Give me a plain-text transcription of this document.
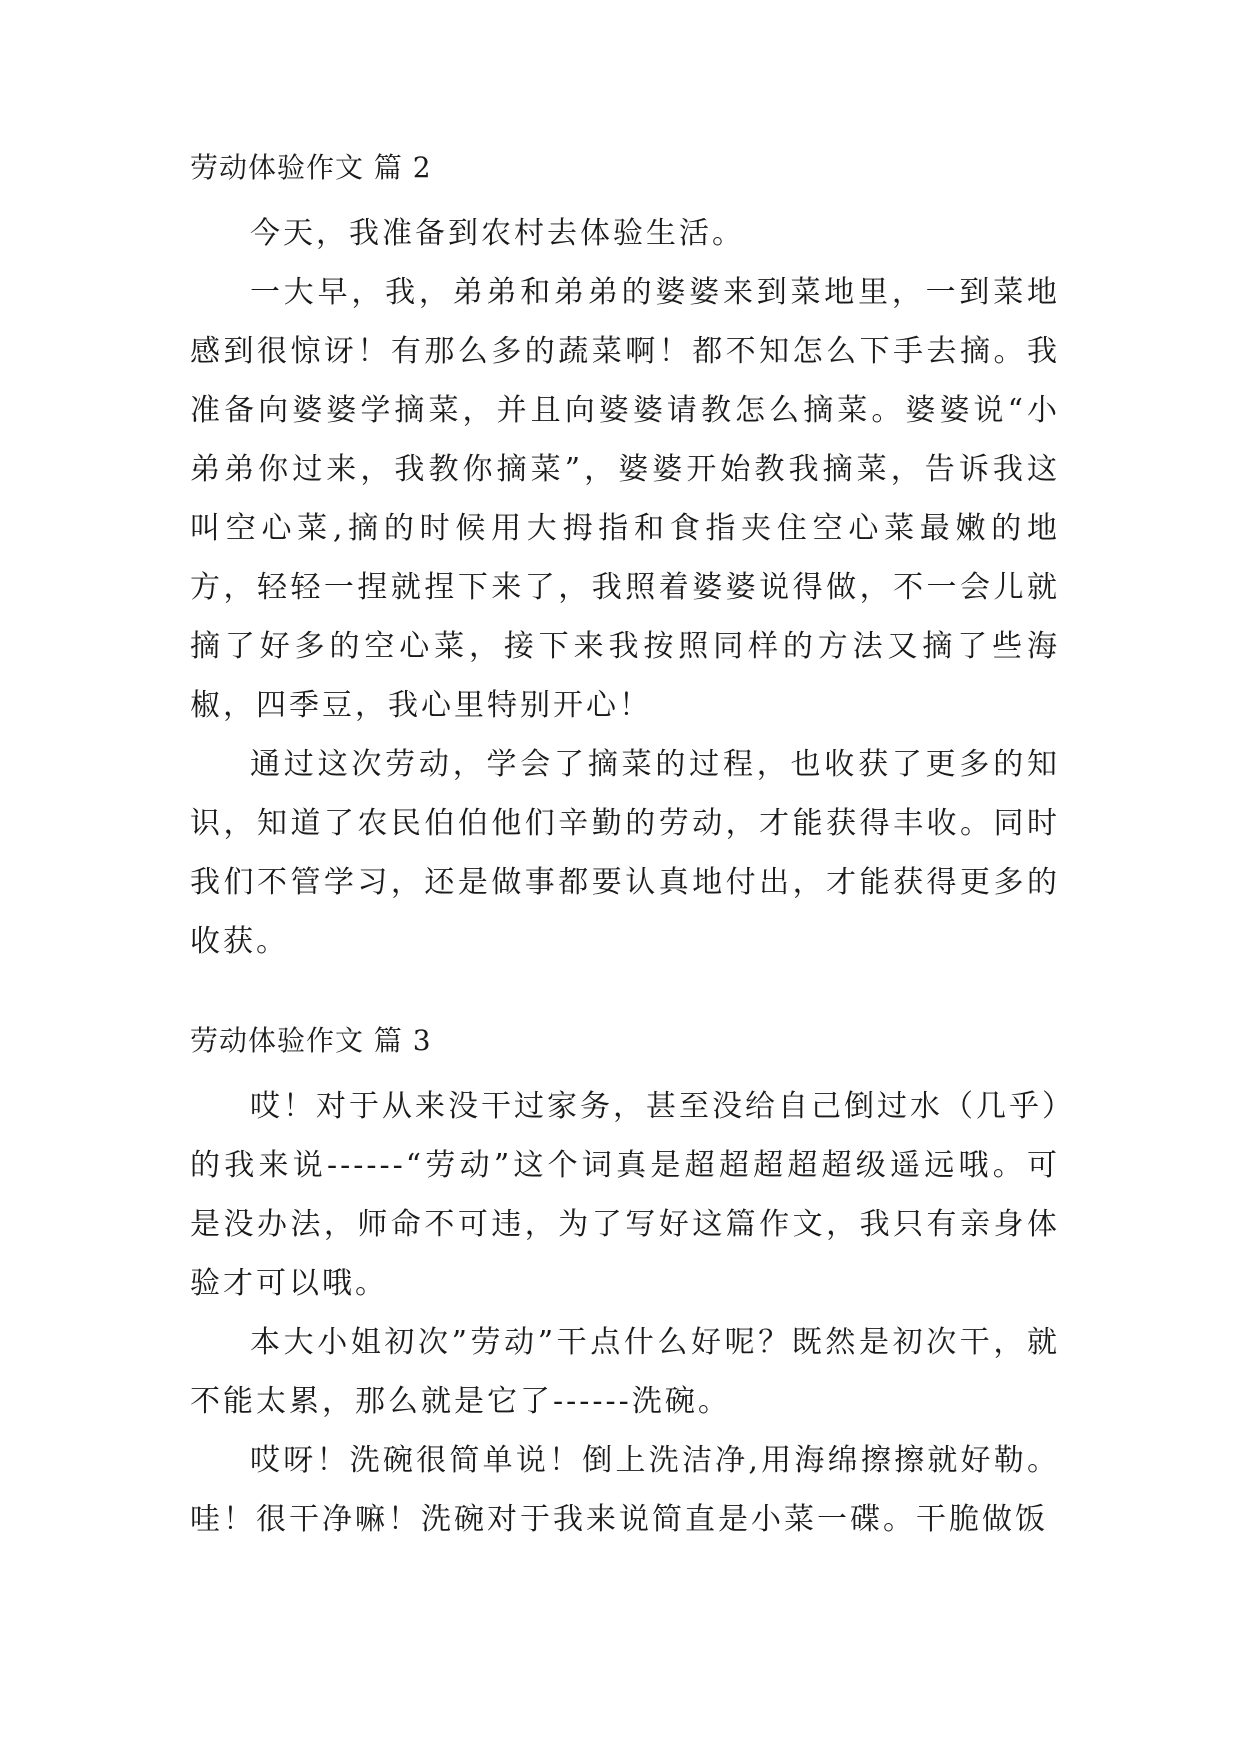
劳动体验作文 篇 2

今天，我准备到农村去体验生活。

一大早，我，弟弟和弟弟的婆婆来到菜地里，一到菜地感到很惊讶！有那么多的蔬菜啊！都不知怎么下手去摘。我准备向婆婆学摘菜，并且向婆婆请教怎么摘菜。婆婆说“小弟弟你过来，我教你摘菜”，婆婆开始教我摘菜，告诉我这叫空心菜,摘的时候用大拇指和食指夹住空心菜最嫩的地方，轻轻一捏就捏下来了，我照着婆婆说得做，不一会儿就摘了好多的空心菜，接下来我按照同样的方法又摘了些海椒，四季豆，我心里特别开心！

通过这次劳动，学会了摘菜的过程，也收获了更多的知识，知道了农民伯伯他们辛勤的劳动，才能获得丰收。同时我们不管学习，还是做事都要认真地付出，才能获得更多的收获。

劳动体验作文 篇 3

哎！对于从来没干过家务，甚至没给自己倒过水（几乎）的我来说------“劳动”这个词真是超超超超超级遥远哦。可是没办法，师命不可违，为了写好这篇作文，我只有亲身体验才可以哦。

本大小姐初次”劳动”干点什么好呢？既然是初次干，就不能太累，那么就是它了------洗碗。

哎呀！洗碗很简单说！倒上洗洁净,用海绵擦擦就好勒。哇！很干净嘛！洗碗对于我来说简直是小菜一碟。干脆做饭
